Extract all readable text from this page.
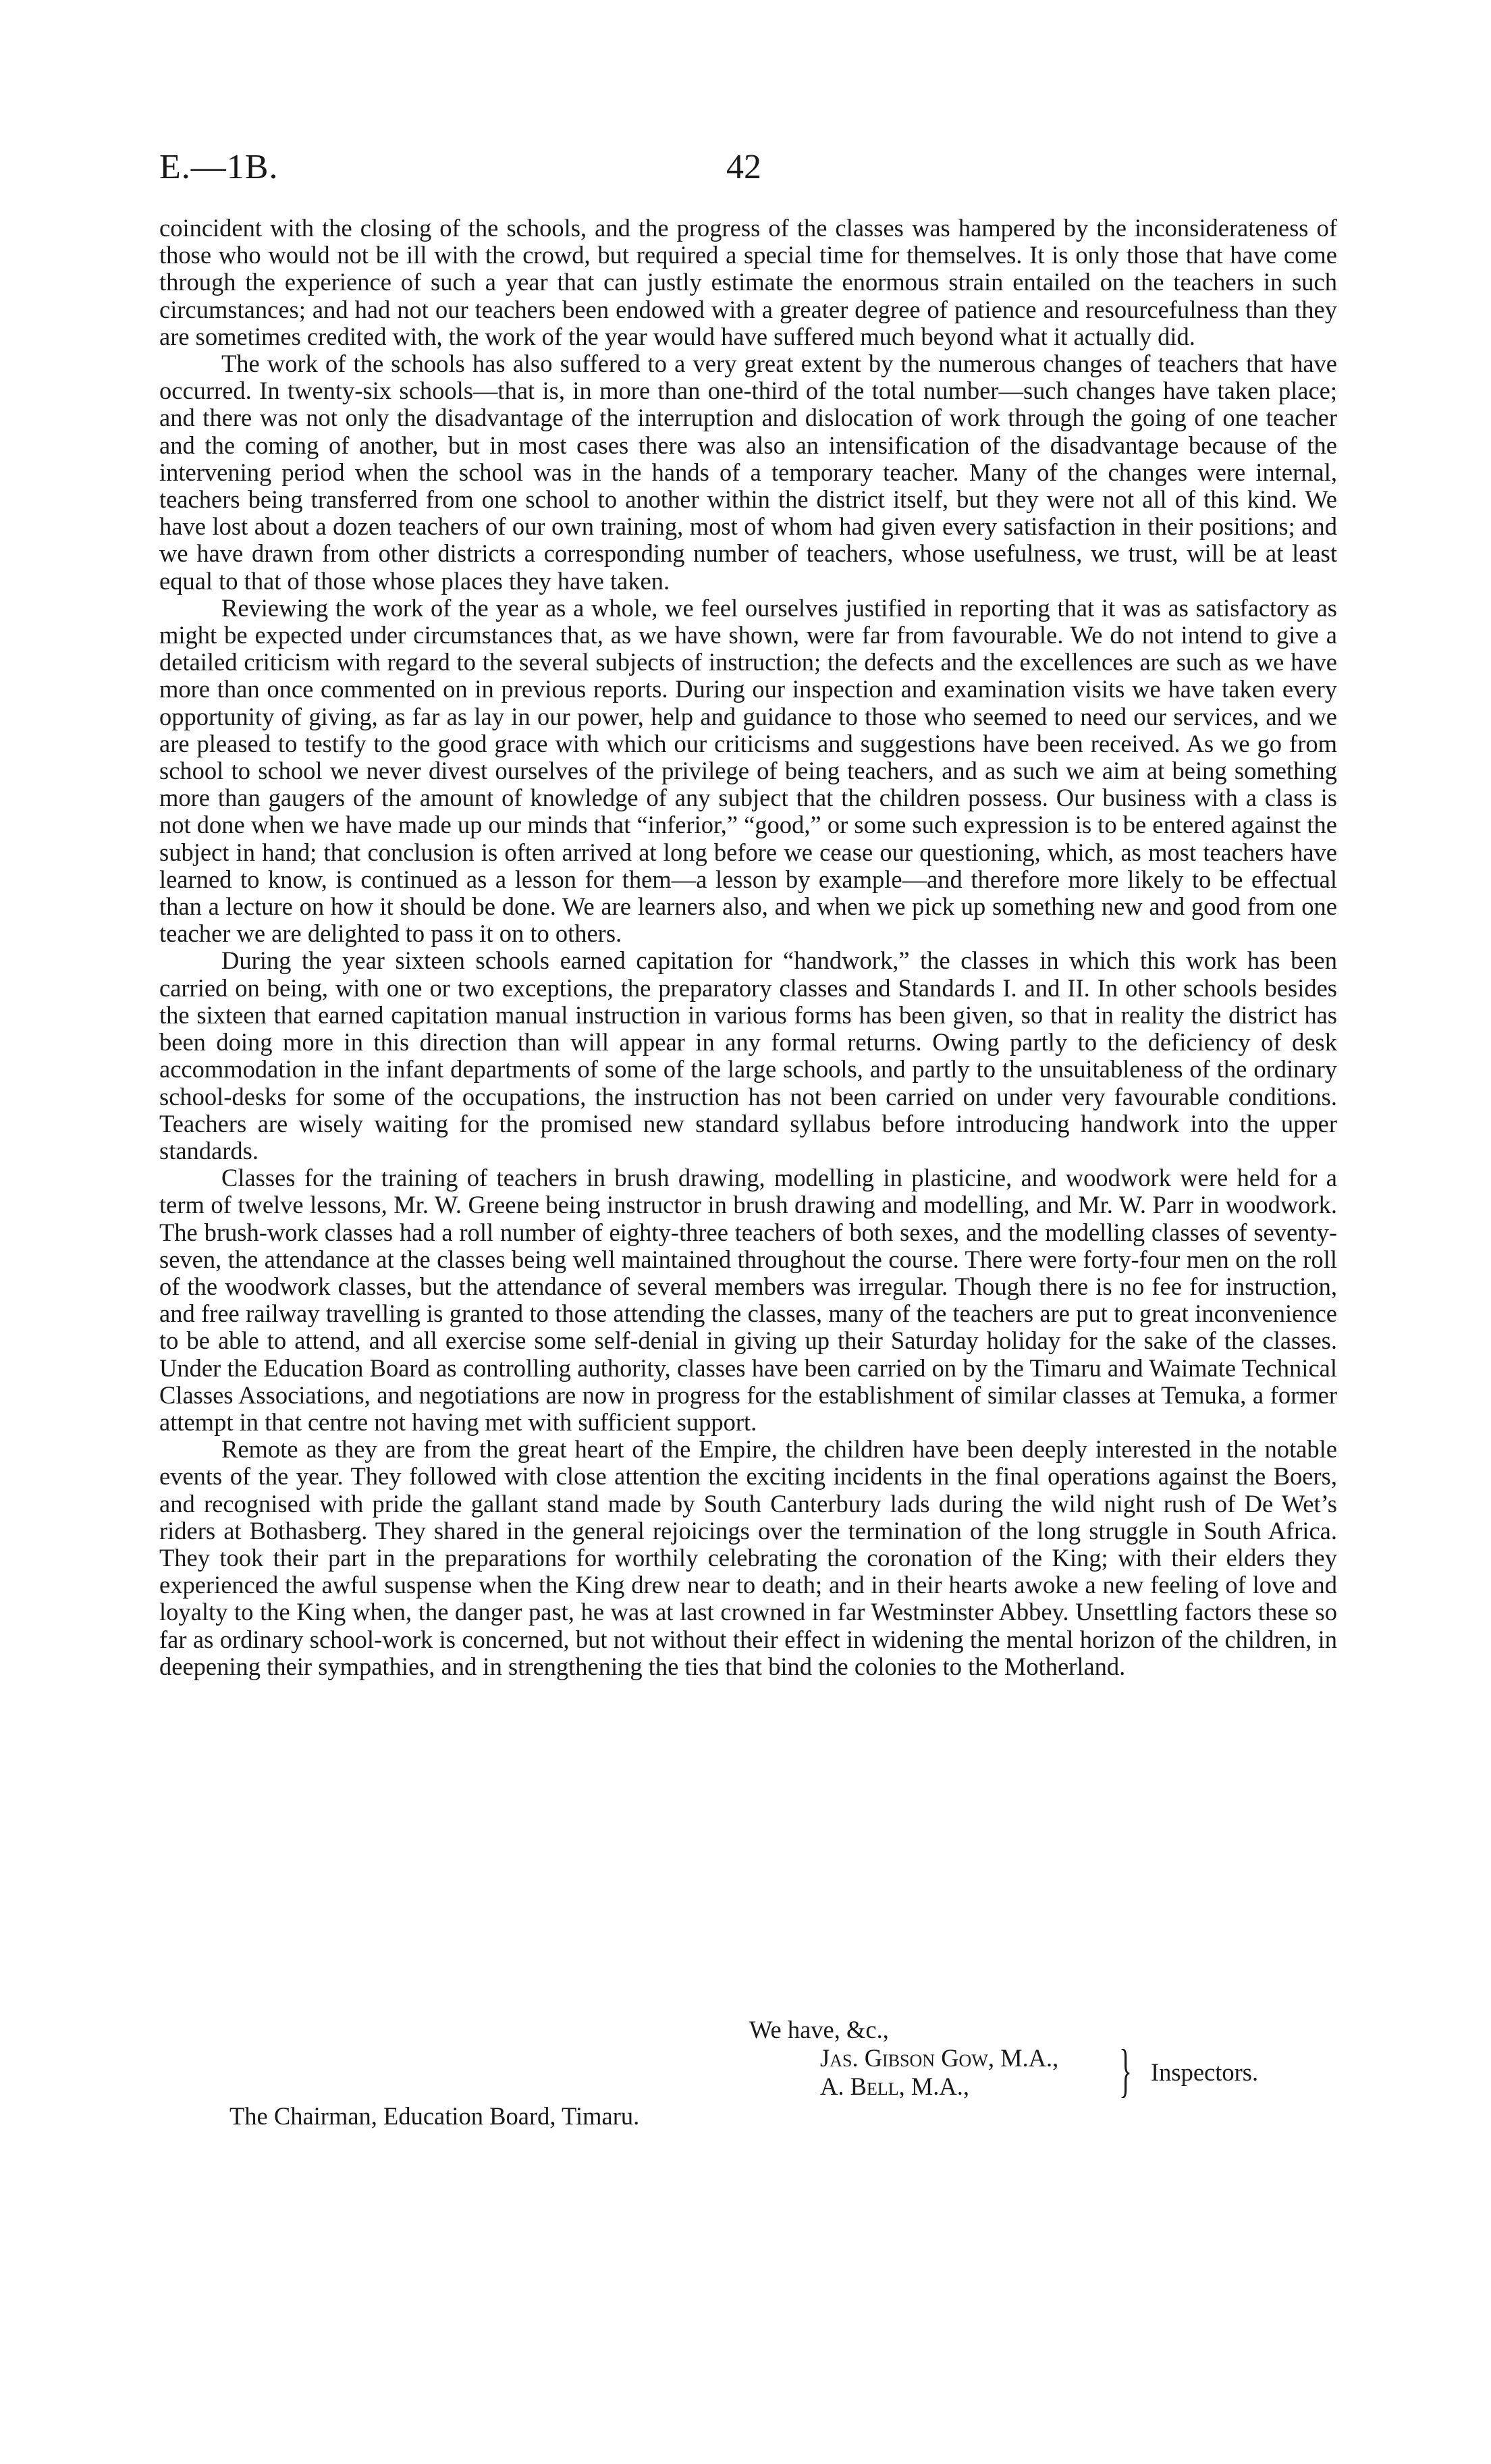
E.—1B.	42

coincident with the closing of the schools, and the progress of the classes was hampered by the inconsiderateness of those who would not be ill with the crowd, but required a special time for themselves. It is only those that have come through the experience of such a year that can justly estimate the enormous strain entailed on the teachers in such circumstances; and had not our teachers been endowed with a greater degree of patience and resourcefulness than they are sometimes credited with, the work of the year would have suffered much beyond what it actually did.

The work of the schools has also suffered to a very great extent by the numerous changes of teachers that have occurred. In twenty-six schools—that is, in more than one-third of the total number—such changes have taken place; and there was not only the disadvantage of the interruption and dislocation of work through the going of one teacher and the coming of another, but in most cases there was also an intensification of the disadvantage because of the intervening period when the school was in the hands of a temporary teacher. Many of the changes were internal, teachers being transferred from one school to another within the district itself, but they were not all of this kind. We have lost about a dozen teachers of our own training, most of whom had given every satisfaction in their positions; and we have drawn from other districts a corresponding number of teachers, whose usefulness, we trust, will be at least equal to that of those whose places they have taken.

Reviewing the work of the year as a whole, we feel ourselves justified in reporting that it was as satisfactory as might be expected under circumstances that, as we have shown, were far from favourable. We do not intend to give a detailed criticism with regard to the several subjects of instruction; the defects and the excellences are such as we have more than once commented on in previous reports. During our inspection and examination visits we have taken every opportunity of giving, as far as lay in our power, help and guidance to those who seemed to need our services, and we are pleased to testify to the good grace with which our criticisms and suggestions have been received. As we go from school to school we never divest ourselves of the privilege of being teachers, and as such we aim at being something more than gaugers of the amount of knowledge of any subject that the children possess. Our business with a class is not done when we have made up our minds that “inferior,” “good,” or some such expression is to be entered against the subject in hand; that conclusion is often arrived at long before we cease our questioning, which, as most teachers have learned to know, is continued as a lesson for them—a lesson by example—and therefore more likely to be effectual than a lecture on how it should be done. We are learners also, and when we pick up something new and good from one teacher we are delighted to pass it on to others.

During the year sixteen schools earned capitation for “handwork,” the classes in which this work has been carried on being, with one or two exceptions, the preparatory classes and Standards I. and II. In other schools besides the sixteen that earned capitation manual instruction in various forms has been given, so that in reality the district has been doing more in this direction than will appear in any formal returns. Owing partly to the deficiency of desk accommodation in the infant departments of some of the large schools, and partly to the unsuitableness of the ordinary school-desks for some of the occupations, the instruction has not been carried on under very favourable conditions. Teachers are wisely waiting for the promised new standard syllabus before introducing handwork into the upper standards.

Classes for the training of teachers in brush drawing, modelling in plasticine, and woodwork were held for a term of twelve lessons, Mr. W. Greene being instructor in brush drawing and modelling, and Mr. W. Parr in woodwork. The brush-work classes had a roll number of eighty-three teachers of both sexes, and the modelling classes of seventy-seven, the attendance at the classes being well maintained throughout the course. There were forty-four men on the roll of the woodwork classes, but the attendance of several members was irregular. Though there is no fee for instruction, and free railway travelling is granted to those attending the classes, many of the teachers are put to great inconvenience to be able to attend, and all exercise some self-denial in giving up their Saturday holiday for the sake of the classes. Under the Education Board as controlling authority, classes have been carried on by the Timaru and Waimate Technical Classes Associations, and negotiations are now in progress for the establishment of similar classes at Temuka, a former attempt in that centre not having met with sufficient support.

Remote as they are from the great heart of the Empire, the children have been deeply interested in the notable events of the year. They followed with close attention the exciting incidents in the final operations against the Boers, and recognised with pride the gallant stand made by South Canterbury lads during the wild night rush of De Wet’s riders at Bothasberg. They shared in the general rejoicings over the termination of the long struggle in South Africa. They took their part in the preparations for worthily celebrating the coronation of the King; with their elders they experienced the awful suspense when the King drew near to death; and in their hearts awoke a new feeling of love and loyalty to the King when, the danger past, he was at last crowned in far Westminster Abbey. Unsettling factors these so far as ordinary school-work is concerned, but not without their effect in widening the mental horizon of the children, in deepening their sympathies, and in strengthening the ties that bind the colonies to the Motherland.

We have, &c.,
Jas. Gibson Gow, M.A.,
A. Bell, M.A.,	} Inspectors.
The Chairman, Education Board, Timaru.
